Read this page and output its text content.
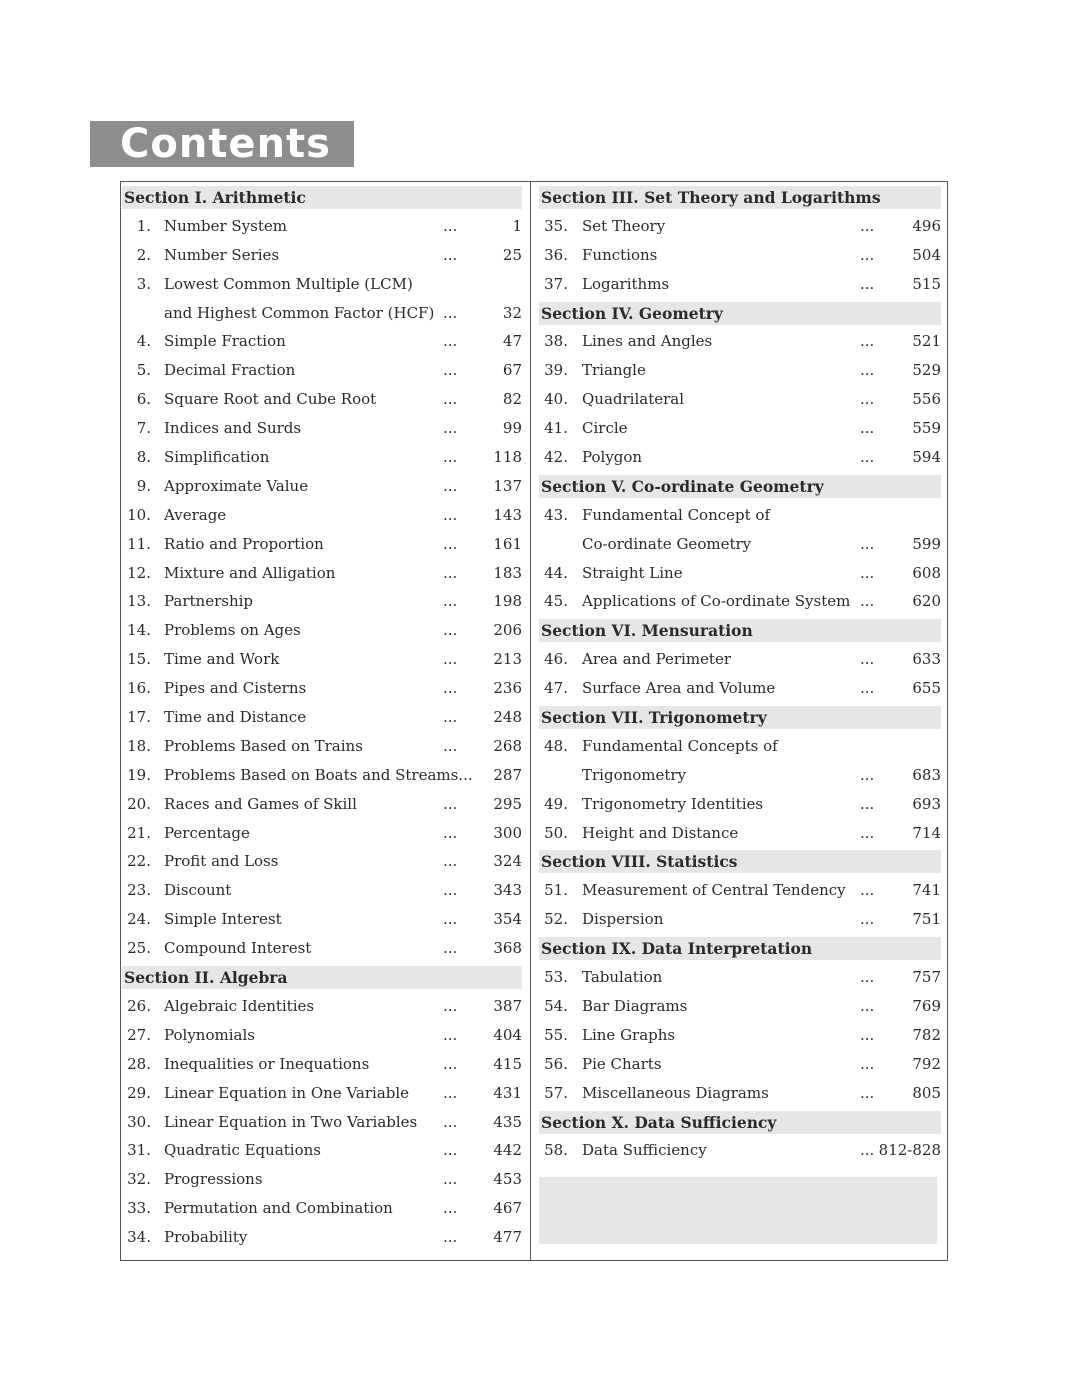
Contents
Section I. Arithmetic
1. Number System	...	1
2. Number Series	...	25
3. Lowest Common Multiple (LCM)
and Highest Common Factor (HCF) ...	32
4. Simple Fraction	...	47
5. Decimal Fraction	...	67
6. Square Root and Cube Root	...	82
7. Indices and Surds	...	99
8. Simplification	... 118
9. Approximate Value	... 137
10. Average	... 143
11. Ratio and Proportion	... 161
12. Mixture and Alligation	... 183
13. Partnership	... 198
14. Problems on Ages	... 206
15. Time and Work	... 213
16. Pipes and Cisterns	... 236
17. Time and Distance	... 248
18. Problems Based on Trains	... 268
19. Problems Based on Boats and Streams... 287
20. Races and Games of Skill	... 295
21. Percentage	... 300
22. Profit and Loss	... 324
23. Discount	... 343
24. Simple Interest	... 354
25. Compound Interest	... 368
Section II. Algebra
26. Algebraic Identities	... 387
27. Polynomials	... 404
28. Inequalities or Inequations	... 415
29. Linear Equation in One Variable ... 431
30. Linear Equation in Two Variables ... 435
31. Quadratic Equations	... 442
32. Progressions	... 453
33. Permutation and Combination	... 467
34. Probability	... 477
Section III. Set Theory and Logarithms
35. Set Theory	...	496
36. Functions	...	504
37. Logarithms	...	515
Section IV. Geometry
38. Lines and Angles	...	521
39. Triangle	...	529
40. Quadrilateral	...	556
41. Circle	...	559
42. Polygon	...	594
Section V. Co-ordinate Geometry
43. Fundamental Concept of
Co-ordinate Geometry	...	599
44. Straight Line	...	608
45. Applications of Co-ordinate System ...	620
Section VI. Mensuration
46. Area and Perimeter	...	633
47. Surface Area and Volume	...	655
Section VII. Trigonometry
48. Fundamental Concepts of
Trigonometry	...	683
49. Trigonometry Identities	...	693
50. Height and Distance	...	714
Section VIII. Statistics
51. Measurement of Central Tendency ...	741
52. Dispersion	...	751
Section IX. Data Interpretation
53. Tabulation	...	757
54. Bar Diagrams	...	769
55. Line Graphs	...	782
56. Pie Charts	...	792
57. Miscellaneous Diagrams	...	805
Section X. Data Sufficiency
58. Data Sufficiency	... 812-828
